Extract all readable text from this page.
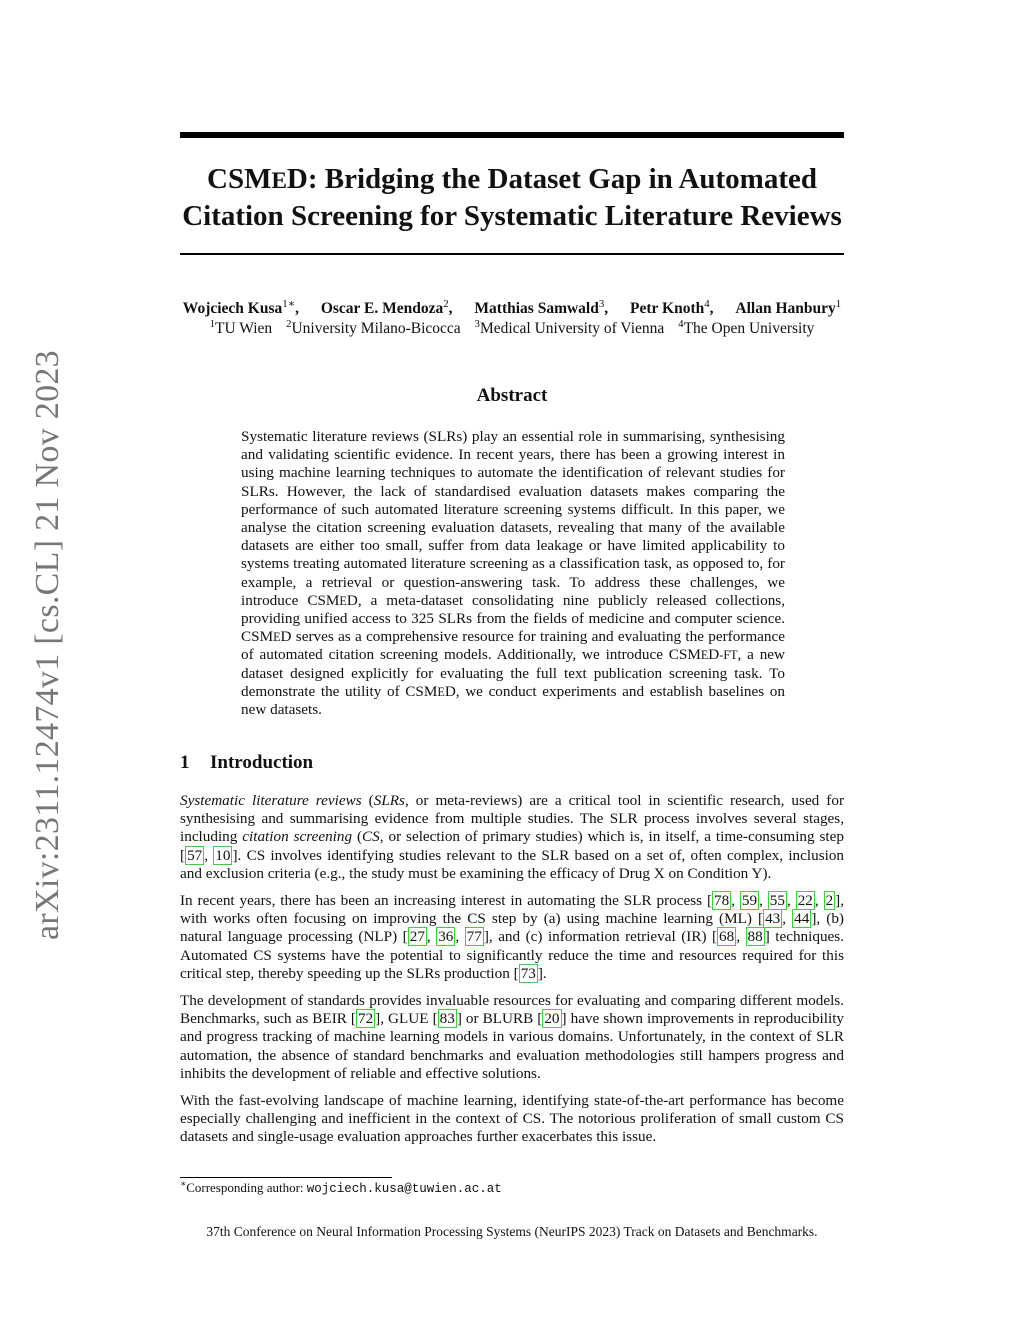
arXiv:2311.12474v1 [cs.CL] 21 Nov 2023
CSMED: Bridging the Dataset Gap in Automated
Citation Screening for Systematic Literature Reviews
Wojciech Kusa$^{1∗}$, Oscar E. Mendoza$^2$, Matthias Samwald$^3$, Petr Knoth$^4$, Allan Hanbury$^1$
$^1$TU Wien $^2$University Milano-Bicocca $^3$Medical University of Vienna $^4$The Open University
Abstract
Systematic literature reviews (SLRs) play an essential role in summarising, synthesising and validating scientific evidence. In recent years, there has been a growing interest in using machine learning techniques to automate the identification of relevant studies for SLRs. However, the lack of standardised evaluation datasets makes comparing the performance of such automated literature screening systems difficult. In this paper, we analyse the citation screening evaluation datasets, revealing that many of the available datasets are either too small, suffer from data leakage or have limited applicability to systems treating automated literature screening as a classification task, as opposed to, for example, a retrieval or question-answering task. To address these challenges, we introduce CSMED, a meta-dataset consolidating nine publicly released collections, providing unified access to 325 SLRs from the fields of medicine and computer science. CSMED serves as a comprehensive resource for training and evaluating the performance of automated citation screening models. Additionally, we introduce CSMED-FT, a new dataset designed explicitly for evaluating the full text publication screening task. To demonstrate the utility of CSMED, we conduct experiments and establish baselines on new datasets.
1 Introduction

Systematic literature reviews (SLRs, or meta-reviews) are a critical tool in scientific research, used for synthesising and summarising evidence from multiple studies. The SLR process involves several stages, including citation screening (CS, or selection of primary studies) which is, in itself, a time-consuming step [ 57 , 10 ]. CS involves identifying studies relevant to the SLR based on a set of, often complex, inclusion and exclusion criteria (e.g., the study must be examining the efficacy of Drug X on Condition Y).

In recent years, there has been an increasing interest in automating the SLR process [ 78 , 59 , 55 , 22 , 2 ], with works often focusing on improving the CS step by (a) using machine learning (ML) [ 43 , 44 ], (b) natural language processing (NLP) [ 27 , 36 , 77 ], and (c) information retrieval (IR) [ 68 , 88 ] techniques. Automated CS systems have the potential to significantly reduce the time and resources required for this critical step, thereby speeding up the SLRs production [ 73 ].

The development of standards provides invaluable resources for evaluating and comparing different models. Benchmarks, such as BEIR [ 72 ], GLUE [ 83 ] or BLURB [ 20 ] have shown improvements in reproducibility and progress tracking of machine learning models in various domains. Unfortunately, in the context of SLR automation, the absence of standard benchmarks and evaluation methodologies still hampers progress and inhibits the development of reliable and effective solutions.

With the fast-evolving landscape of machine learning, identifying state-of-the-art performance has become especially challenging and inefficient in the context of CS. The notorious proliferation of small custom CS datasets and single-usage evaluation approaches further exacerbates this issue.

∗Corresponding author: wojciech.kusa@tuwien.ac.at
37th Conference on Neural Information Processing Systems (NeurIPS 2023) Track on Datasets and Benchmarks.
